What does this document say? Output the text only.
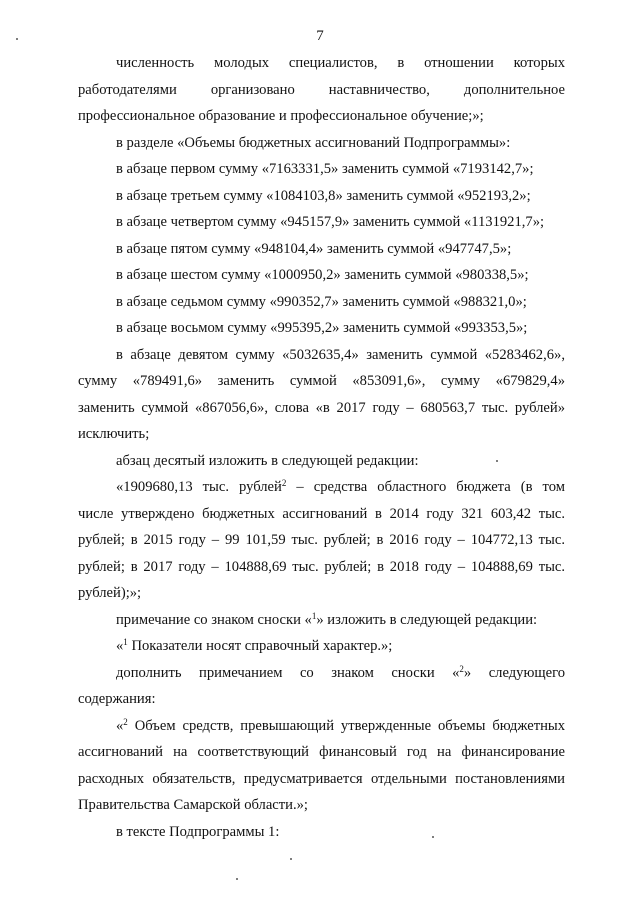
7

численность молодых специалистов, в отношении которых

работодателями организовано наставничество, дополнительное

профессиональное образование и профессиональное обучение;»;

в разделе «Объемы бюджетных ассигнований Подпрограммы»:

в абзаце первом сумму «7163331,5» заменить суммой «7193142,7»;

в абзаце третьем сумму «1084103,8» заменить суммой «952193,2»;

в абзаце четвертом сумму «945157,9» заменить суммой «1131921,7»;

в абзаце пятом сумму «948104,4» заменить суммой «947747,5»;

в абзаце шестом сумму «1000950,2» заменить суммой «980338,5»;

в абзаце седьмом сумму «990352,7» заменить суммой «988321,0»;

в абзаце восьмом сумму «995395,2» заменить суммой «993353,5»;

в абзаце девятом сумму «5032635,4» заменить суммой «5283462,6»,

сумму «789491,6» заменить суммой «853091,6», сумму «679829,4»

заменить суммой «867056,6», слова «в 2017 году – 680563,7 тыс. рублей»

исключить;

абзац десятый изложить в следующей редакции:

«1909680,13 тыс. рублей$^2$ – средства областного бюджета (в том

числе утверждено бюджетных ассигнований в 2014 году 321 603,42 тыс.

рублей; в 2015 году – 99 101,59 тыс. рублей; в 2016 году – 104772,13 тыс.

рублей; в 2017 году – 104888,69 тыс. рублей; в 2018 году – 104888,69 тыс.

рублей);»;

примечание со знаком сноски «$^1$» изложить в следующей редакции:

«$^1$ Показатели носят справочный характер.»;

дополнить примечанием со знаком сноски «$^2$» следующего

содержания:

«$^2$ Объем средств, превышающий утвержденные объемы бюджетных

ассигнований на соответствующий финансовый год на финансирование

расходных обязательств, предусматривается отдельными постановлениями

Правительства Самарской области.»;

в тексте Подпрограммы 1:
